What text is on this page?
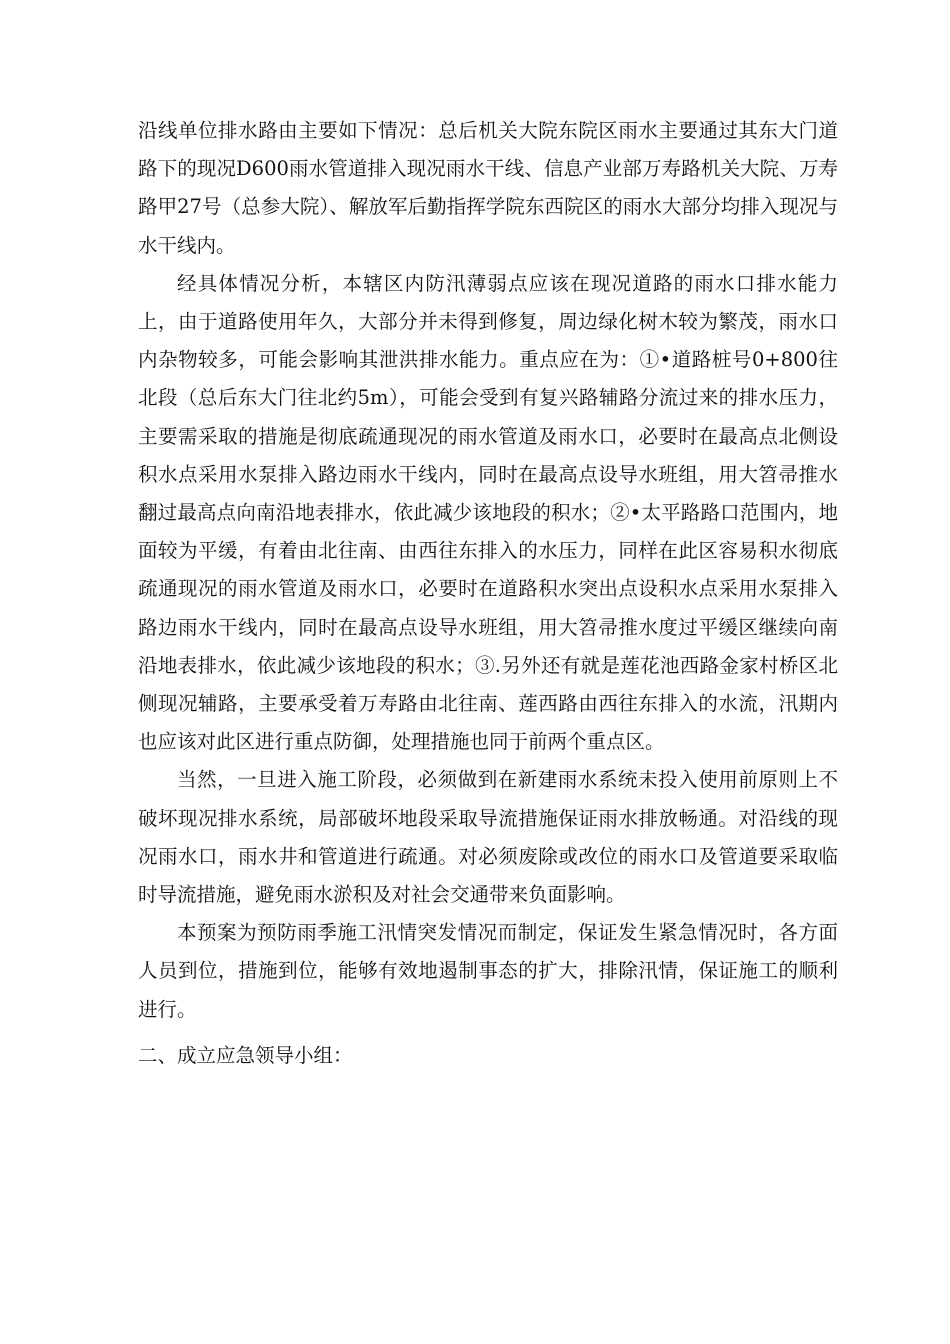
沿线单位排水路由主要如下情况：总后机关大院东院区雨水主要通过其东大门道路下的现况D600雨水管道排入现况雨水干线、信息产业部万寿路机关大院、万寿路甲27号（总参大院）、解放军后勤指挥学院东西院区的雨水大部分均排入现况与水干线内。

经具体情况分析，本辖区内防汛薄弱点应该在现况道路的雨水口排水能力上，由于道路使用年久，大部分并未得到修复，周边绿化树木较为繁茂，雨水口内杂物较多，可能会影响其泄洪排水能力。重点应在为：①•道路桩号0+800往北段（总后东大门往北约5m），可能会受到有复兴路辅路分流过来的排水压力，主要需采取的措施是彻底疏通现况的雨水管道及雨水口，必要时在最高点北侧设积水点采用水泵排入路边雨水干线内，同时在最高点设导水班组，用大笤帚推水翻过最高点向南沿地表排水，依此减少该地段的积水；②•太平路路口范围内，地面较为平缓，有着由北往南、由西往东排入的水压力，同样在此区容易积水彻底疏通现况的雨水管道及雨水口，必要时在道路积水突出点设积水点采用水泵排入路边雨水干线内，同时在最高点设导水班组，用大笤帚推水度过平缓区继续向南沿地表排水，依此减少该地段的积水；③.另外还有就是莲花池西路金家村桥区北侧现况辅路，主要承受着万寿路由北往南、莲西路由西往东排入的水流，汛期内也应该对此区进行重点防御，处理措施也同于前两个重点区。

当然，一旦进入施工阶段，必须做到在新建雨水系统未投入使用前原则上不破坏现况排水系统，局部破坏地段采取导流措施保证雨水排放畅通。对沿线的现况雨水口，雨水井和管道进行疏通。对必须废除或改位的雨水口及管道要采取临时导流措施，避免雨水淤积及对社会交通带来负面影响。

本预案为预防雨季施工汛情突发情况而制定，保证发生紧急情况时，各方面人员到位，措施到位，能够有效地遏制事态的扩大，排除汛情，保证施工的顺利进行。

二、成立应急领导小组：
